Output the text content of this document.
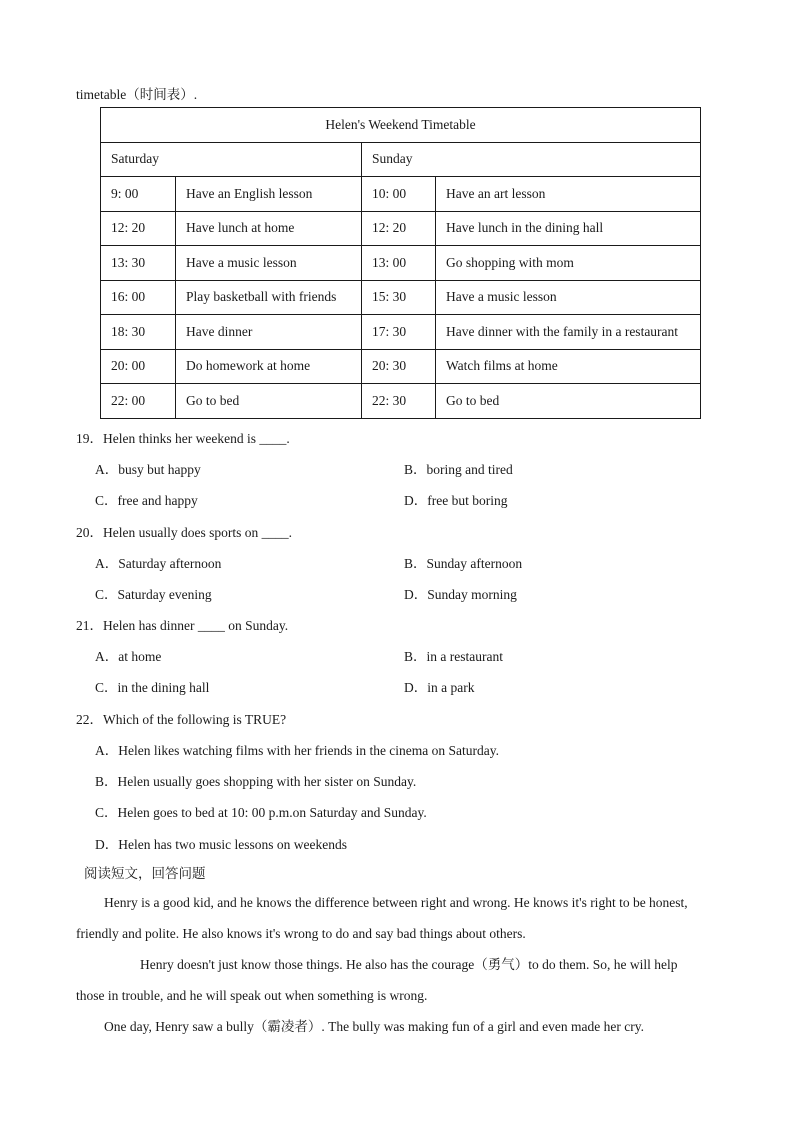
timetable（时间表）.
Helen's Weekend Timetable			
Saturday		Sunday	
9: 00	Have an English lesson	10: 00	Have an art lesson
12: 20	Have lunch at home	12: 20	Have lunch in the dining hall
13: 30	Have a music lesson	13: 00	Go shopping with mom
16: 00	Play basketball with friends	15: 30	Have a music lesson
18: 30	Have dinner	17: 30	Have dinner with the family in a restaurant
20: 00	Do homework at home	20: 30	Watch films at home
22: 00	Go to bed	22: 30	Go to bed
19．Helen thinks her weekend is ____.
A．busy but happy	B．boring and tired
C．free and happy	D．free but boring
20．Helen usually does sports on ____.
A．Saturday afternoon	B．Sunday afternoon
C．Saturday evening	D．Sunday morning
21．Helen has dinner ____ on Sunday.
A．at home	B．in a restaurant
C．in the dining hall	D．in a park
22．Which of the following is TRUE?
A．Helen likes watching films with her friends in the cinema on Saturday.
B．Helen usually goes shopping with her sister on Sunday.
C．Helen goes to bed at 10: 00 p.m.on Saturday and Sunday.
D．Helen has two music lessons on weekends
阅读短文，回答问题
Henry is a good kid, and he knows the difference between right and wrong. He knows it's right to be honest, friendly and polite. He also knows it's wrong to do and say bad things about others.
Henry doesn't just know those things. He also has the courage（勇气）to do them. So, he will help those in trouble, and he will speak out when something is wrong.
One day, Henry saw a bully（霸凌者）. The bully was making fun of a girl and even made her cry.
